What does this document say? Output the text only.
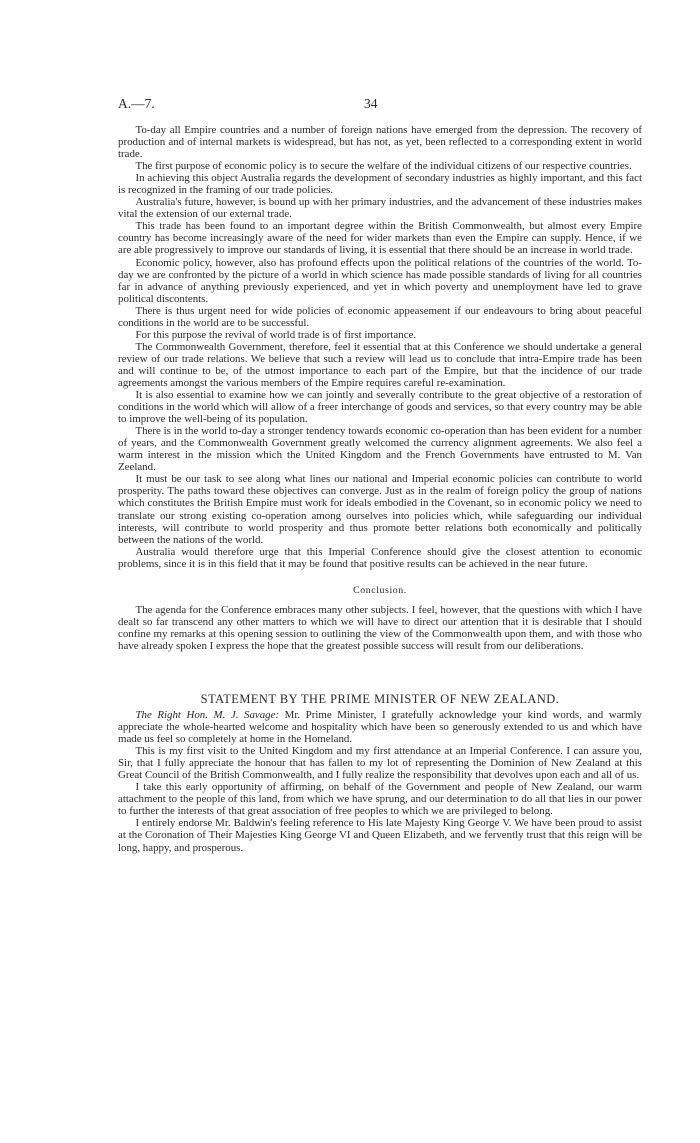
A.—7.	34

To-day all Empire countries and a number of foreign nations have emerged from the depression. The recovery of production and of internal markets is widespread, but has not, as yet, been reflected to a corresponding extent in world trade.

The first purpose of economic policy is to secure the welfare of the individual citizens of our respective countries.

In achieving this object Australia regards the development of secondary industries as highly important, and this fact is recognized in the framing of our trade policies.

Australia's future, however, is bound up with her primary industries, and the advancement of these industries makes vital the extension of our external trade.

This trade has been found to an important degree within the British Commonwealth, but almost every Empire country has become increasingly aware of the need for wider markets than even the Empire can supply. Hence, if we are able progressively to improve our standards of living, it is essential that there should be an increase in world trade.

Economic policy, however, also has profound effects upon the political relations of the countries of the world. To-day we are confronted by the picture of a world in which science has made possible standards of living for all countries far in advance of anything previously experienced, and yet in which poverty and unemployment have led to grave political discontents.

There is thus urgent need for wide policies of economic appeasement if our endeavours to bring about peaceful conditions in the world are to be successful.

For this purpose the revival of world trade is of first importance.

The Commonwealth Government, therefore, feel it essential that at this Conference we should undertake a general review of our trade relations. We believe that such a review will lead us to conclude that intra-Empire trade has been and will continue to be, of the utmost importance to each part of the Empire, but that the incidence of our trade agreements amongst the various members of the Empire requires careful re-examination.

It is also essential to examine how we can jointly and severally contribute to the great objective of a restoration of conditions in the world which will allow of a freer interchange of goods and services, so that every country may be able to improve the well-being of its population.

There is in the world to-day a stronger tendency towards economic co-operation than has been evident for a number of years, and the Commonwealth Government greatly welcomed the currency alignment agreements. We also feel a warm interest in the mission which the United Kingdom and the French Governments have entrusted to M. Van Zeeland.

It must be our task to see along what lines our national and Imperial economic policies can contribute to world prosperity. The paths toward these objectives can converge. Just as in the realm of foreign policy the group of nations which constitutes the British Empire must work for ideals embodied in the Covenant, so in economic policy we need to translate our strong existing co-operation among ourselves into policies which, while safeguarding our individual interests, will contribute to world prosperity and thus promote better relations both economically and politically between the nations of the world.

Australia would therefore urge that this Imperial Conference should give the closest attention to economic problems, since it is in this field that it may be found that positive results can be achieved in the near future.

Conclusion.

The agenda for the Conference embraces many other subjects. I feel, however, that the questions with which I have dealt so far transcend any other matters to which we will have to direct our attention that it is desirable that I should confine my remarks at this opening session to outlining the view of the Commonwealth upon them, and with those who have already spoken I express the hope that the greatest possible success will result from our deliberations.

STATEMENT BY THE PRIME MINISTER OF NEW ZEALAND.

The Right Hon. M. J. Savage: Mr. Prime Minister, I gratefully acknowledge your kind words, and warmly appreciate the whole-hearted welcome and hospitality which have been so generously extended to us and which have made us feel so completely at home in the Homeland.

This is my first visit to the United Kingdom and my first attendance at an Imperial Conference. I can assure you, Sir, that I fully appreciate the honour that has fallen to my lot of representing the Dominion of New Zealand at this Great Council of the British Commonwealth, and I fully realize the responsibility that devolves upon each and all of us.

I take this early opportunity of affirming, on behalf of the Government and people of New Zealand, our warm attachment to the people of this land, from which we have sprung, and our determination to do all that lies in our power to further the interests of that great association of free peoples to which we are privileged to belong.

I entirely endorse Mr. Baldwin's feeling reference to His late Majesty King George V. We have been proud to assist at the Coronation of Their Majesties King George VI and Queen Elizabeth, and we fervently trust that this reign will be long, happy, and prosperous.
